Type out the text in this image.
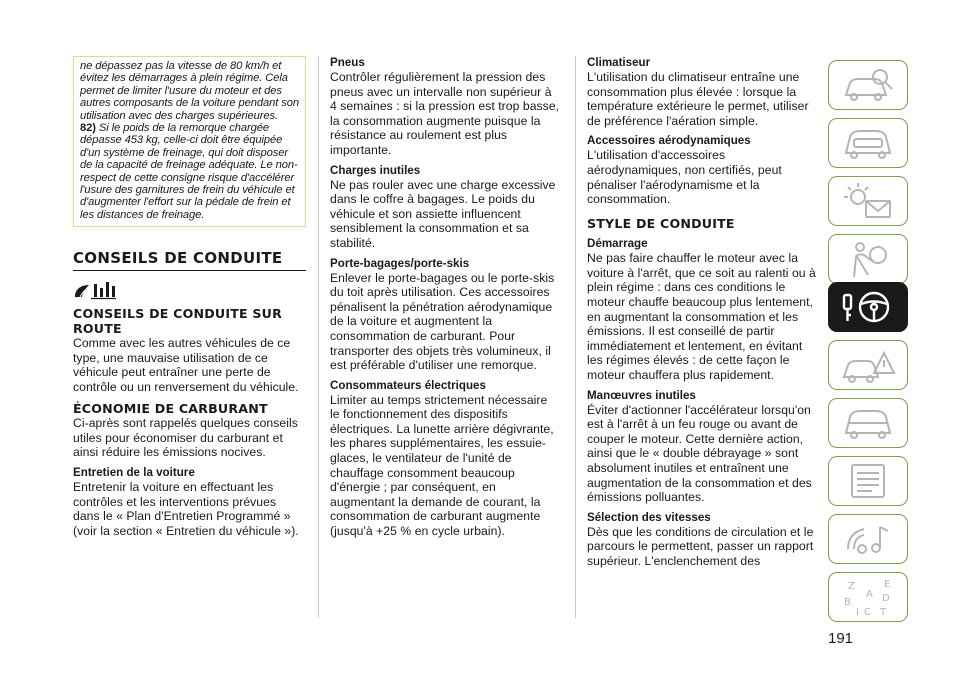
ne dépassez pas la vitesse de 80 km/h et évitez les démarrages à plein régime. Cela permet de limiter l'usure du moteur et des autres composants de la voiture pendant son utilisation avec des charges supérieures.

82) Si le poids de la remorque chargée dépasse 453 kg, celle-ci doit être équipée d'un système de freinage, qui doit disposer de la capacité de freinage adéquate. Le non-respect de cette consigne risque d'accélérer l'usure des garnitures de frein du véhicule et d'augmenter l'effort sur la pédale de frein et les distances de freinage.

CONSEILS DE CONDUITE
CONSEILS DE CONDUITE SUR ROUTE

Comme avec les autres véhicules de ce type, une mauvaise utilisation de ce véhicule peut entraîner une perte de contrôle ou un renversement du véhicule.

ÉCONOMIE DE CARBURANT

Ci-après sont rappelés quelques conseils utiles pour économiser du carburant et ainsi réduire les émissions nocives.

Entretien de la voiture

Entretenir la voiture en effectuant les contrôles et les interventions prévues dans le « Plan d'Entretien Programmé » (voir la section « Entretien du véhicule »).

Pneus

Contrôler régulièrement la pression des pneus avec un intervalle non supérieur à 4 semaines : si la pression est trop basse, la consommation augmente puisque la résistance au roulement est plus importante.

Charges inutiles

Ne pas rouler avec une charge excessive dans le coffre à bagages. Le poids du véhicule et son assiette influencent sensiblement la consommation et sa stabilité.

Porte-bagages/porte-skis

Enlever le porte-bagages ou le porte-skis du toit après utilisation. Ces accessoires pénalisent la pénétration aérodynamique de la voiture et augmentent la consommation de carburant. Pour transporter des objets très volumineux, il est préférable d'utiliser une remorque.

Consommateurs électriques

Limiter au temps strictement nécessaire le fonctionnement des dispositifs électriques. La lunette arrière dégivrante, les phares supplémentaires, les essuie-glaces, le ventilateur de l'unité de chauffage consomment beaucoup d'énergie ; par conséquent, en augmentant la demande de courant, la consommation de carburant augmente (jusqu'à +25 % en cycle urbain).

Climatiseur

L'utilisation du climatiseur entraîne une consommation plus élevée : lorsque la température extérieure le permet, utiliser de préférence l'aération simple.

Accessoires aérodynamiques

L'utilisation d'accessoires aérodynamiques, non certifiés, peut pénaliser l'aérodynamisme et la consommation.

STYLE DE CONDUITE
Démarrage

Ne pas faire chauffer le moteur avec la voiture à l'arrêt, que ce soit au ralenti ou à plein régime : dans ces conditions le moteur chauffe beaucoup plus lentement, en augmentant la consommation et les émissions. Il est conseillé de partir immédiatement et lentement, en évitant les régimes élevés : de cette façon le moteur chauffera plus rapidement.

Manœuvres inutiles

Éviter d'actionner l'accélérateur lorsqu'on est à l'arrêt à un feu rouge ou avant de couper le moteur. Cette dernière action, ainsi que le « double débrayage » sont absolument inutiles et entraînent une augmentation de la consommation et des émissions polluantes.

Sélection des vitesses

Dès que les conditions de circulation et le parcours le permettent, passer un rapport supérieur. L'enclenchement des

191
Z	E
A
B
I C T
D
